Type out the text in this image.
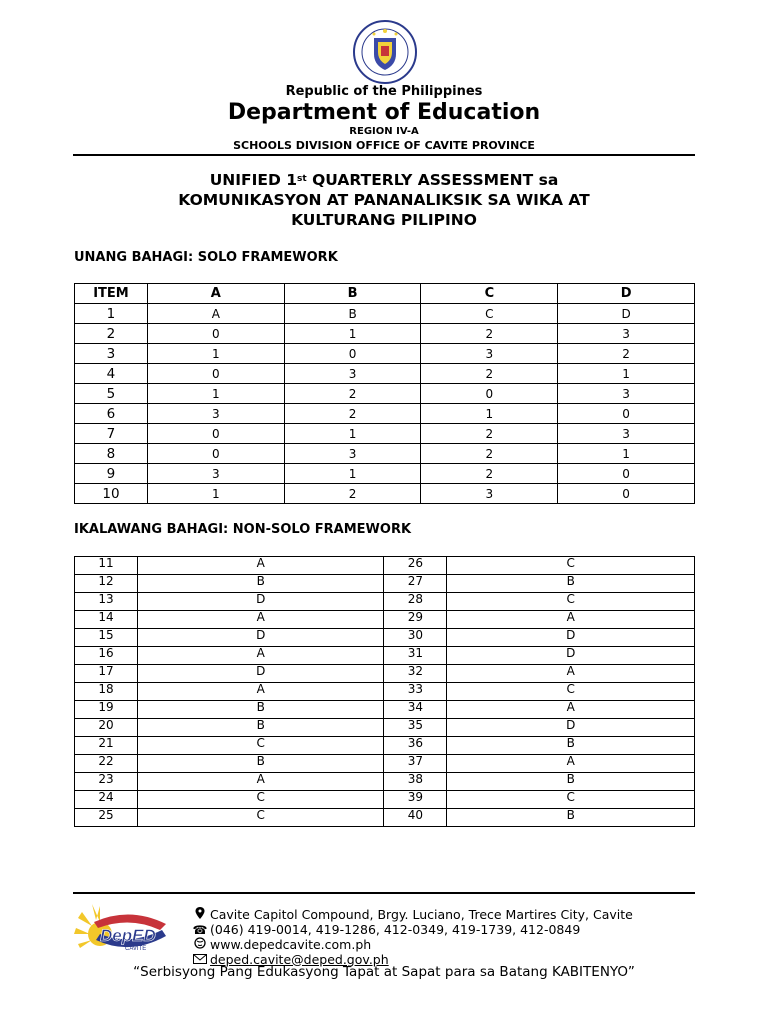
Republic of the Philippines
Department of Education
REGION IV-A
SCHOOLS DIVISION OFFICE OF CAVITE PROVINCE
UNIFIED 1st QUARTERLY ASSESSMENT sa
KOMUNIKASYON AT PANANALIKSIK SA WIKA AT
KULTURANG PILIPINO
UNANG BAHAGI: SOLO FRAMEWORK
ITEM	A	B	C	D
1	A	B	C	D
2	0	1	2	3
3	1	0	3	2
4	0	3	2	1
5	1	2	0	3
6	3	2	1	0
7	0	1	2	3
8	0	3	2	1
9	3	1	2	0
10	1	2	3	0
IKALAWANG BAHAGI: NON-SOLO FRAMEWORK
11	A	26	C
12	B	27	B
13	D	28	C
14	A	29	A
15	D	30	D
16	A	31	D
17	D	32	A
18	A	33	C
19	B	34	A
20	B	35	D
21	C	36	B
22	B	37	A
23	A	38	B
24	C	39	C
25	C	40	B
DepED
CAVITE
Cavite Capitol Compound, Brgy. Luciano, Trece Martires City, Cavite
☎ (046) 419-0014, 419-1286, 412-0349, 419-1739, 412-0849
www.depedcavite.com.ph
deped.cavite@deped.gov.ph
“Serbisyong Pang Edukasyong Tapat at Sapat para sa Batang KABITENYO”
